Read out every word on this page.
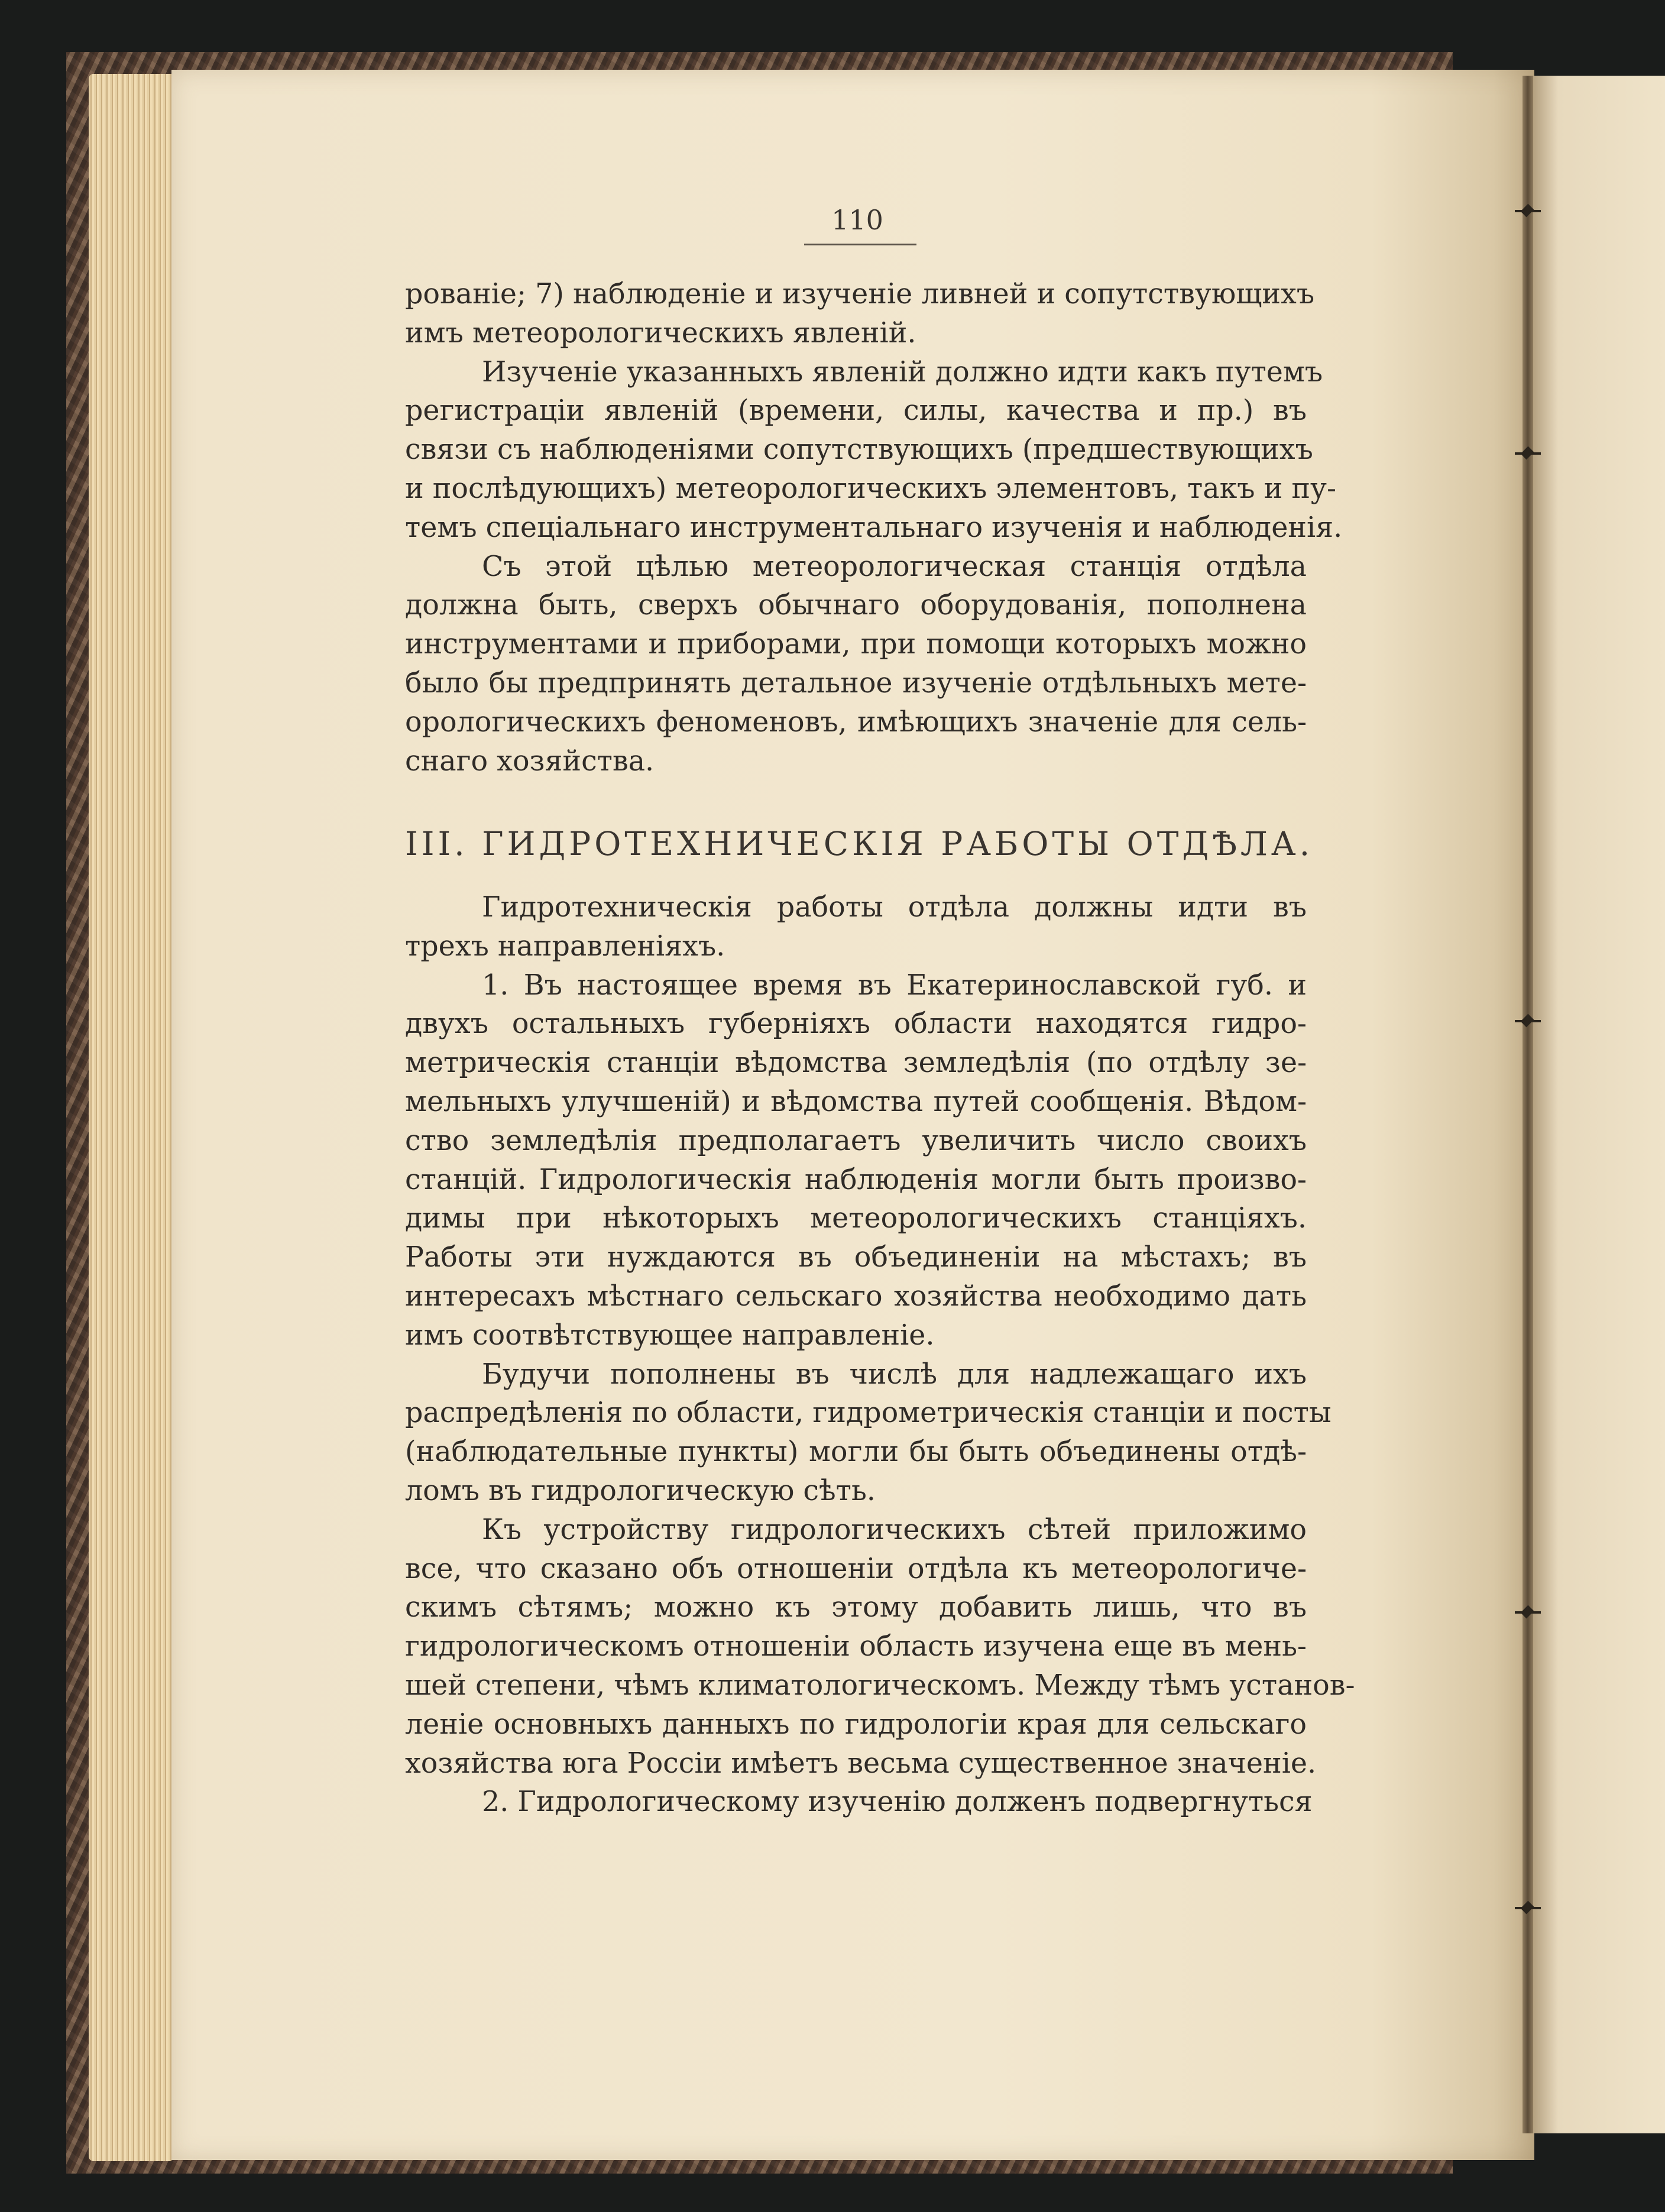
110
рованіе; 7) наблюденіе и изученіе ливней и сопутствующихъ
имъ метеорологическихъ явленій.
Изученіе указанныхъ явленій должно идти какъ путемъ
регистраціи явленій (времени, силы, качества и пр.) въ
связи съ наблюденіями сопутствующихъ (предшествующихъ
и послѣдующихъ) метеорологическихъ элементовъ, такъ и пу-
темъ спеціальнаго инструментальнаго изученія и наблюденія.
Съ этой цѣлью метеорологическая станція отдѣла
должна быть, сверхъ обычнаго оборудованія, пополнена
инструментами и приборами, при помощи которыхъ можно
было бы предпринять детальное изученіе отдѣльныхъ мете-
орологическихъ феноменовъ, имѣющихъ значеніе для сель-
снаго хозяйства.
III. ГИДРОТЕХНИЧЕСКІЯ РАБОТЫ ОТДѢЛА.
Гидротехническія работы отдѣла должны идти въ
трехъ направленіяхъ.
1. Въ настоящее время въ Екатеринославской губ. и
двухъ остальныхъ губерніяхъ области находятся гидро-
метрическія станціи вѣдомства земледѣлія (по отдѣлу зе-
мельныхъ улучшеній) и вѣдомства путей сообщенія. Вѣдом-
ство земледѣлія предполагаетъ увеличить число своихъ
станцій. Гидрологическія наблюденія могли быть произво-
димы при нѣкоторыхъ метеорологическихъ станціяхъ.
Работы эти нуждаются въ объединеніи на мѣстахъ; въ
интересахъ мѣстнаго сельскаго хозяйства необходимо дать
имъ соотвѣтствующее направленіе.
Будучи пополнены въ числѣ для надлежащаго ихъ
распредѣленія по области, гидрометрическія станціи и посты
(наблюдательные пункты) могли бы быть объединены отдѣ-
ломъ въ гидрологическую сѣть.
Къ устройству гидрологическихъ сѣтей приложимо
все, что сказано объ отношеніи отдѣла къ метеорологиче-
скимъ сѣтямъ; можно къ этому добавить лишь, что въ
гидрологическомъ отношеніи область изучена еще въ мень-
шей степени, чѣмъ климатологическомъ. Между тѣмъ установ-
леніе основныхъ данныхъ по гидрологіи края для сельскаго
хозяйства юга Россіи имѣетъ весьма существенное значеніе.
2. Гидрологическому изученію долженъ подвергнуться
